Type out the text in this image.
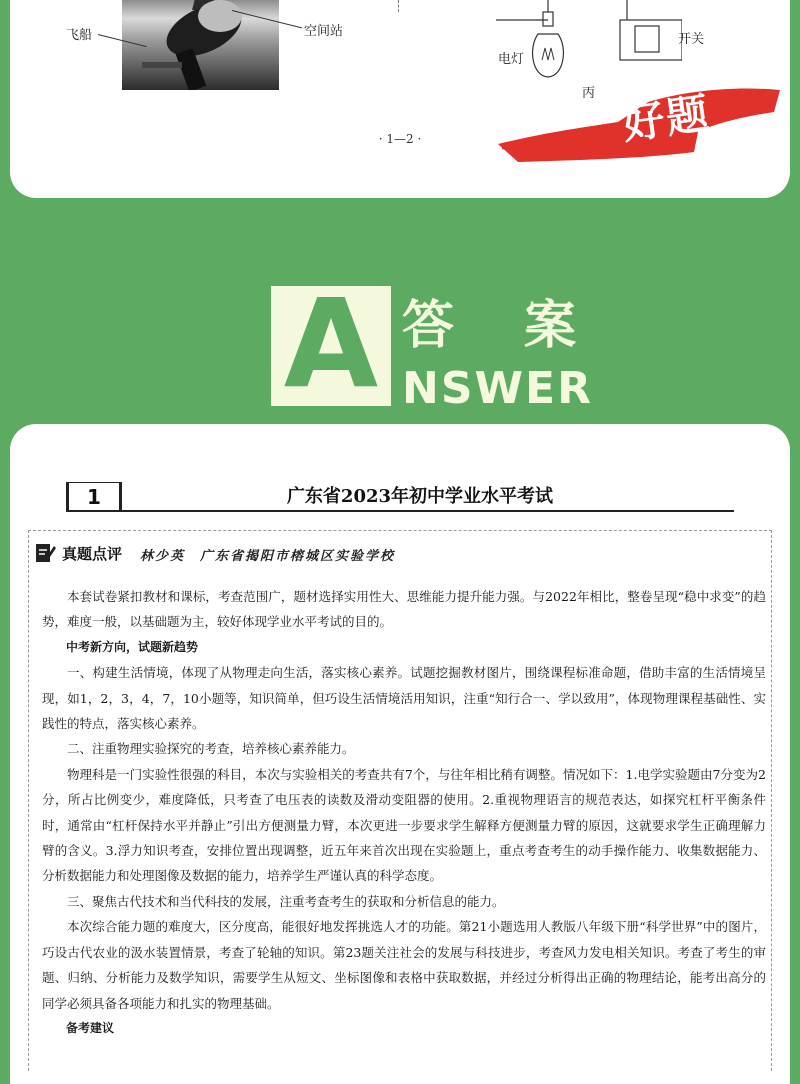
飞船	空间站
电灯
开关
丙
· 1—2 ·	好题
A 答案
NSWER
1	广东省2023年初中学业水平考试
真题点评 林少英　广东省揭阳市榕城区实验学校

本套试卷紧扣教材和课标，考查范围广，题材选择实用性大、思维能力提升能力强。与2022年相比，整卷呈现“稳中求变”的趋势，难度一般，以基础题为主，较好体现学业水平考试的目的。

中考新方向，试题新趋势

一、构建生活情境，体现了从物理走向生活，落实核心素养。试题挖掘教材图片，围绕课程标准命题，借助丰富的生活情境呈现，如1，2，3，4，7，10小题等，知识简单，但巧设生活情境活用知识，注重“知行合一、学以致用”，体现物理课程基础性、实践性的特点，落实核心素养。

二、注重物理实验探究的考查，培养核心素养能力。

物理科是一门实验性很强的科目，本次与实验相关的考查共有7个，与往年相比稍有调整。情况如下：1.电学实验题由7分变为2分，所占比例变少，难度降低，只考查了电压表的读数及滑动变阻器的使用。2.重视物理语言的规范表达，如探究杠杆平衡条件时，通常由“杠杆保持水平并静止”引出方便测量力臂，本次更进一步要求学生解释方便测量力臂的原因，这就要求学生正确理解力臂的含义。3.浮力知识考查，安排位置出现调整，近五年来首次出现在实验题上，重点考查考生的动手操作能力、收集数据能力、分析数据能力和处理图像及数据的能力，培养学生严谨认真的科学态度。

三、聚焦古代技术和当代科技的发展，注重考查考生的获取和分析信息的能力。

本次综合能力题的难度大，区分度高，能很好地发挥挑选人才的功能。第21小题选用人教版八年级下册“科学世界”中的图片，巧设古代农业的汲水装置情景，考查了轮轴的知识。第23题关注社会的发展与科技进步，考查风力发电相关知识。考查了考生的审题、归纳、分析能力及数学知识，需要学生从短文、坐标图像和表格中获取数据，并经过分析得出正确的物理结论，能考出高分的同学必须具备各项能力和扎实的物理基础。

备考建议
